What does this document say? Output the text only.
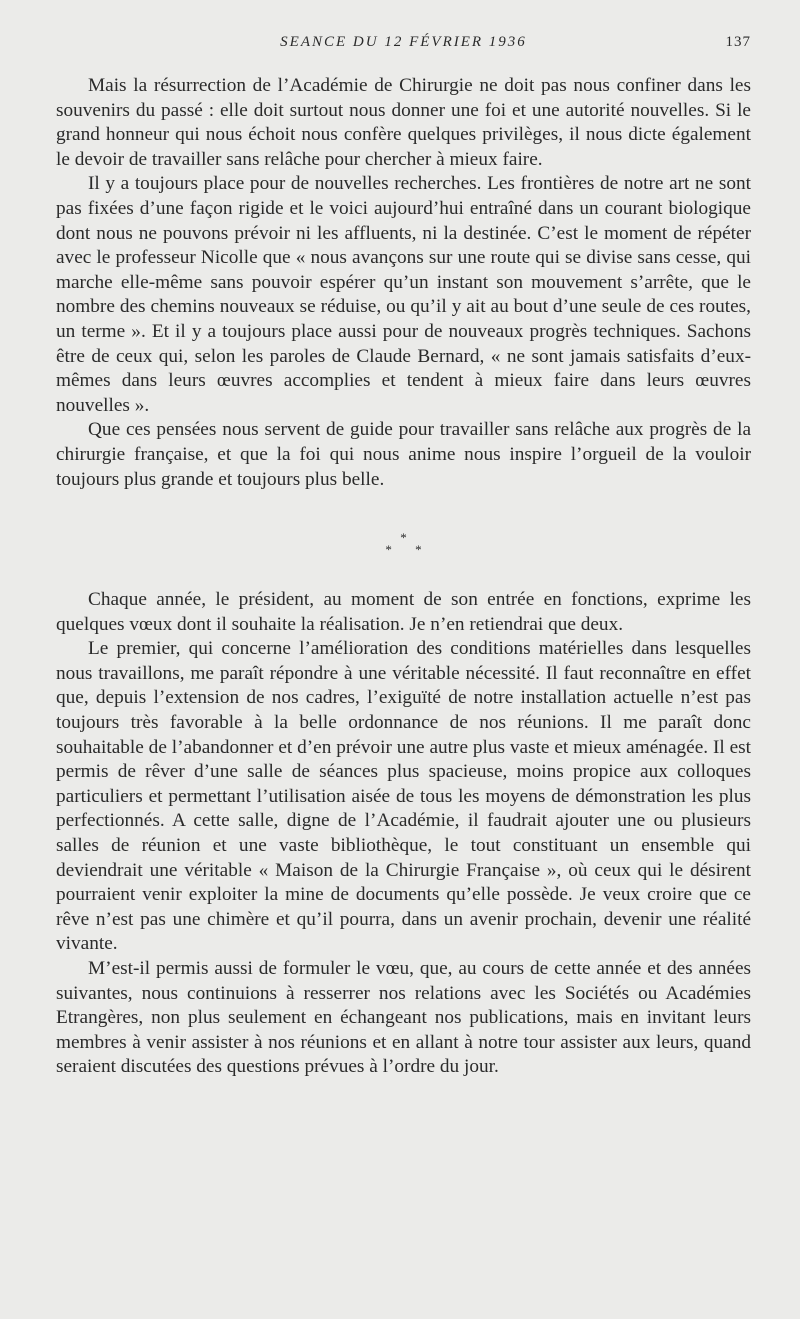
SEANCE DU 12 FÉVRIER 1936	137

Mais la résurrection de l’Académie de Chirurgie ne doit pas nous confiner dans les souvenirs du passé : elle doit surtout nous donner une foi et une autorité nouvelles. Si le grand honneur qui nous échoit nous confère quelques privilèges, il nous dicte également le devoir de travailler sans relâche pour chercher à mieux faire.

Il y a toujours place pour de nouvelles recherches. Les frontières de notre art ne sont pas fixées d’une façon rigide et le voici aujourd’hui entraîné dans un courant biologique dont nous ne pouvons prévoir ni les affluents, ni la destinée. C’est le moment de répéter avec le professeur Nicolle que « nous avançons sur une route qui se divise sans cesse, qui marche elle-même sans pouvoir espérer qu’un instant son mouvement s’arrête, que le nombre des chemins nouveaux se réduise, ou qu’il y ait au bout d’une seule de ces routes, un terme ». Et il y a toujours place aussi pour de nouveaux progrès techniques. Sachons être de ceux qui, selon les paroles de Claude Bernard, « ne sont jamais satisfaits d’eux-mêmes dans leurs œuvres accomplies et tendent à mieux faire dans leurs œuvres nouvelles ».

Que ces pensées nous servent de guide pour travailler sans relâche aux progrès de la chirurgie française, et que la foi qui nous anime nous inspire l’orgueil de la vouloir toujours plus grande et toujours plus belle.

*
* *

Chaque année, le président, au moment de son entrée en fonctions, exprime les quelques vœux dont il souhaite la réalisation. Je n’en retiendrai que deux.

Le premier, qui concerne l’amélioration des conditions matérielles dans lesquelles nous travaillons, me paraît répondre à une véritable nécessité. Il faut reconnaître en effet que, depuis l’extension de nos cadres, l’exiguïté de notre installation actuelle n’est pas toujours très favorable à la belle ordonnance de nos réunions. Il me paraît donc souhaitable de l’abandonner et d’en prévoir une autre plus vaste et mieux aménagée. Il est permis de rêver d’une salle de séances plus spacieuse, moins propice aux colloques particuliers et permettant l’utilisation aisée de tous les moyens de démonstration les plus perfectionnés. A cette salle, digne de l’Académie, il faudrait ajouter une ou plusieurs salles de réunion et une vaste bibliothèque, le tout constituant un ensemble qui deviendrait une véritable « Maison de la Chirurgie Française », où ceux qui le désirent pourraient venir exploiter la mine de documents qu’elle possède. Je veux croire que ce rêve n’est pas une chimère et qu’il pourra, dans un avenir prochain, devenir une réalité vivante.

M’est-il permis aussi de formuler le vœu, que, au cours de cette année et des années suivantes, nous continuions à resserrer nos relations avec les Sociétés ou Académies Etrangères, non plus seulement en échangeant nos publications, mais en invitant leurs membres à venir assister à nos réunions et en allant à notre tour assister aux leurs, quand seraient discutées des questions prévues à l’ordre du jour.
